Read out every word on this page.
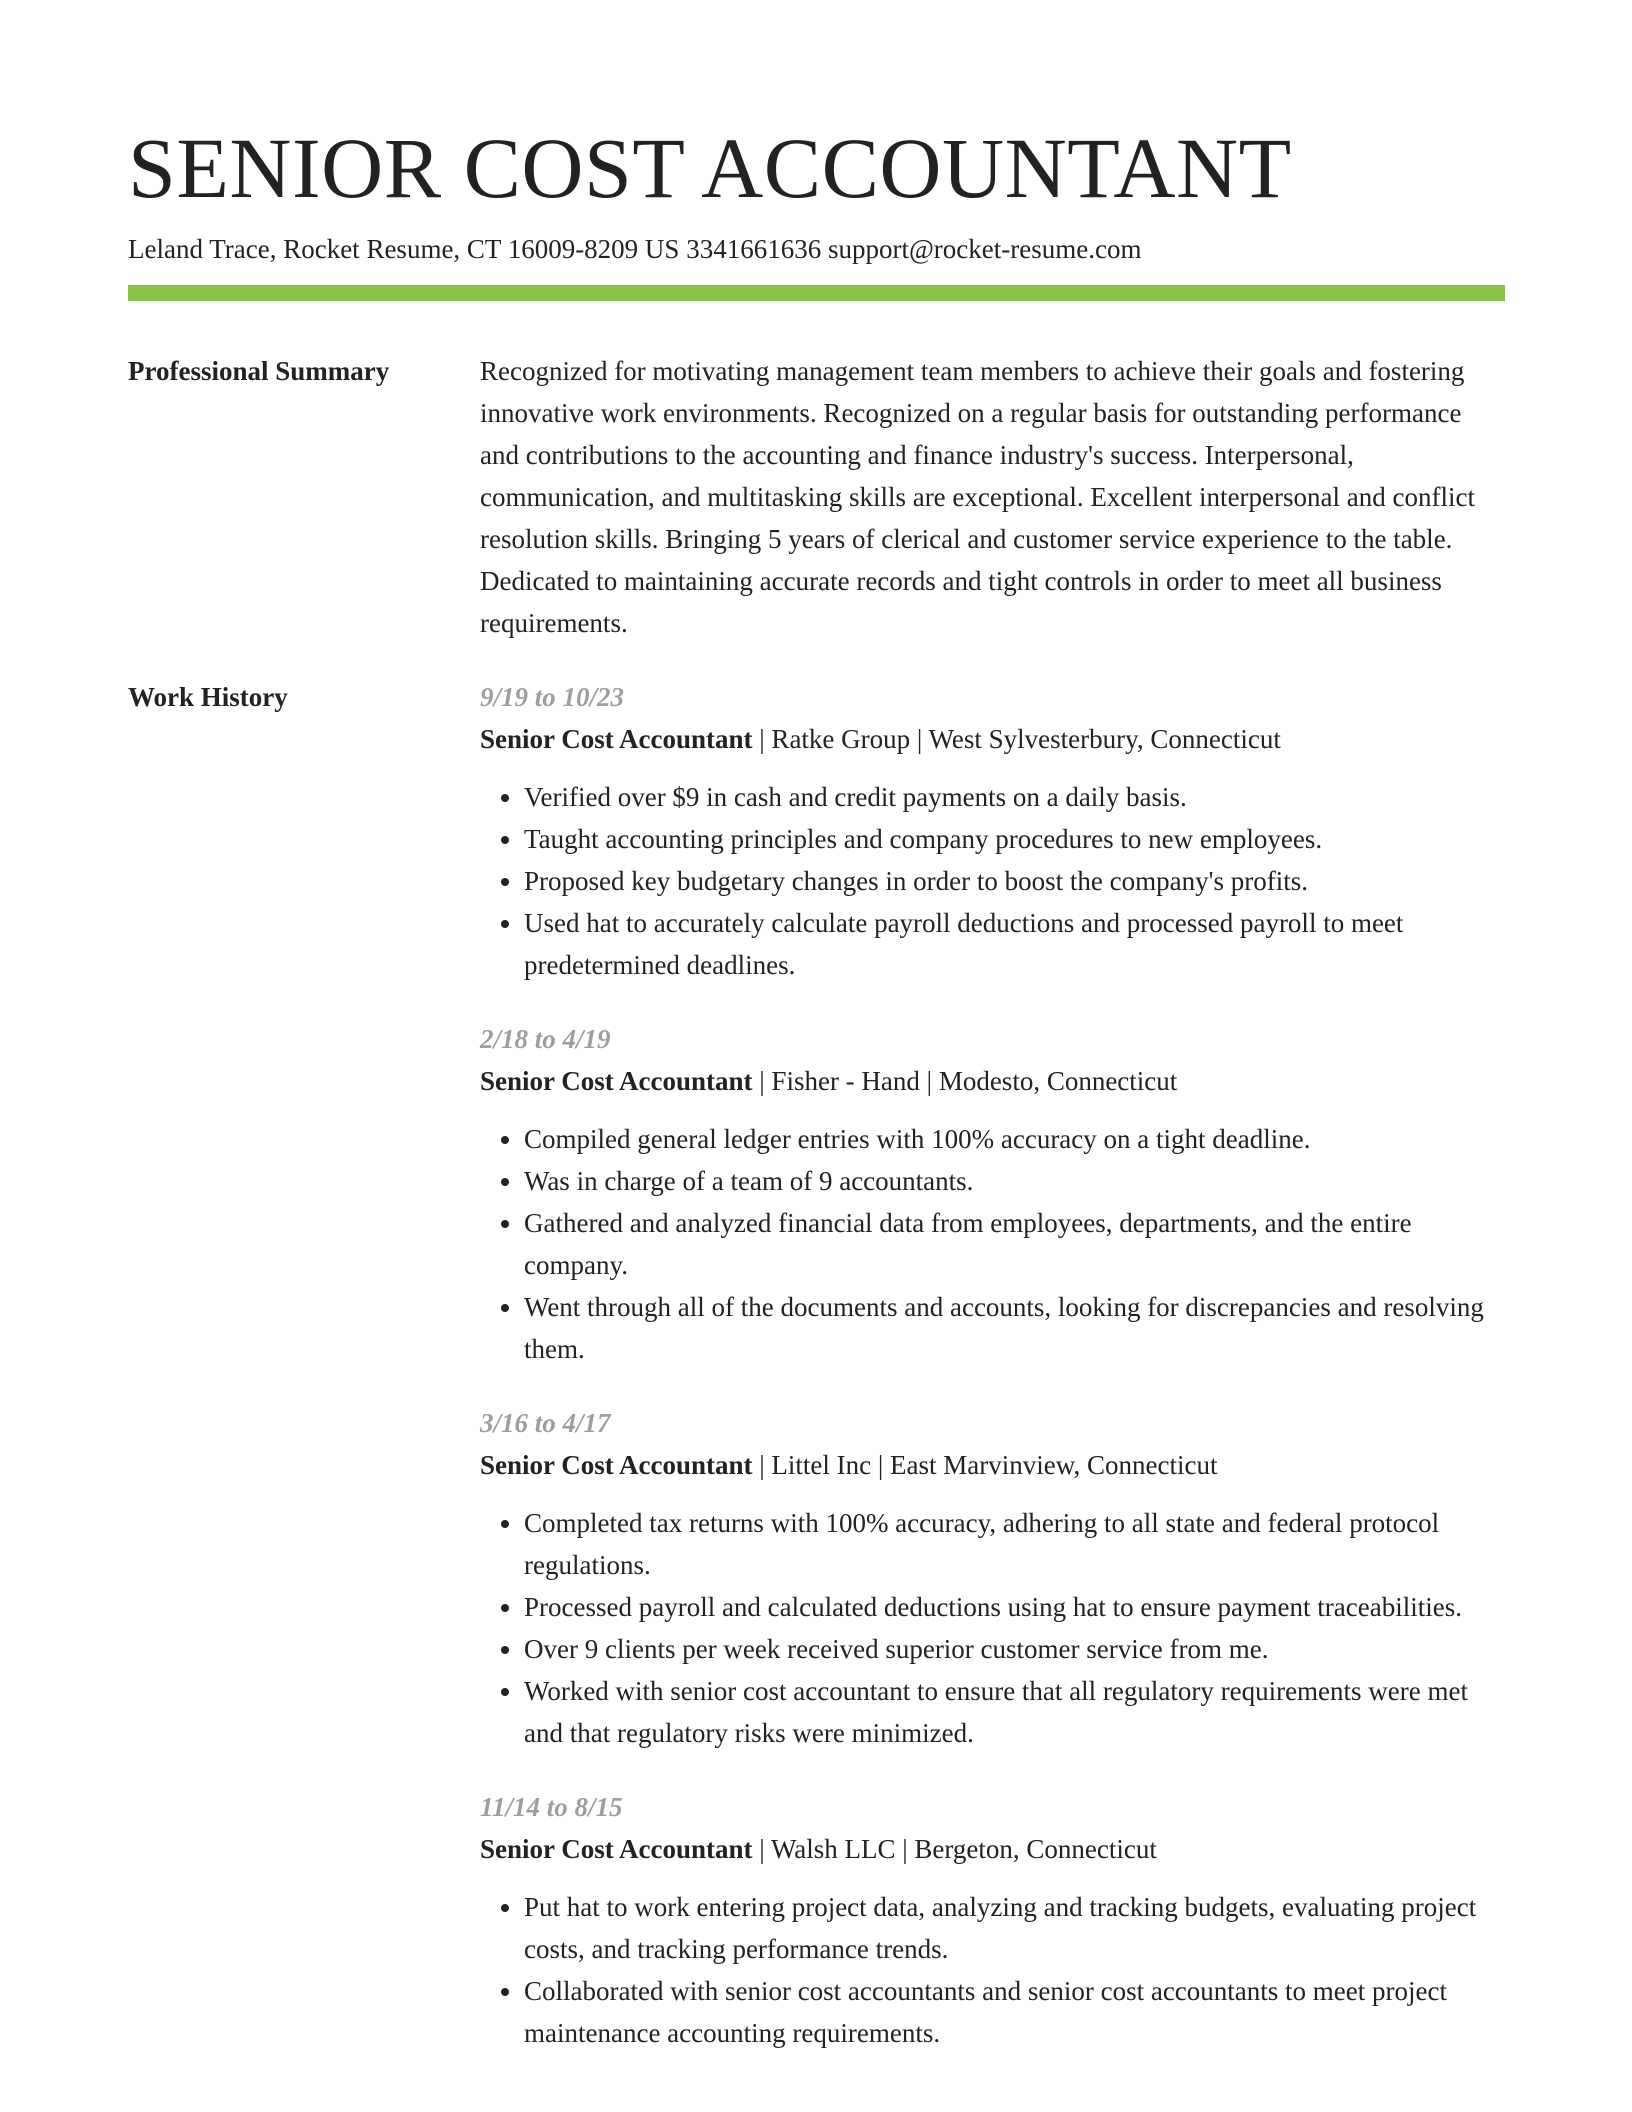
SENIOR COST ACCOUNTANT
Leland Trace, Rocket Resume, CT 16009-8209 US 3341661636 support@rocket-resume.com
Professional Summary	Recognized for motivating management team members to achieve their goals and fostering innovative work environments. Recognized on a regular basis for outstanding performance and contributions to the accounting and finance industry's success. Interpersonal, communication, and multitasking skills are exceptional. Excellent interpersonal and conflict resolution skills. Bringing 5 years of clerical and customer service experience to the table. Dedicated to maintaining accurate records and tight controls in order to meet all business requirements.

Work History	9/19 to 10/23
Senior Cost Accountant | Ratke Group | West Sylvesterbury, Connecticut
• Verified over $9 in cash and credit payments on a daily basis.
• Taught accounting principles and company procedures to new employees.
• Proposed key budgetary changes in order to boost the company's profits.
• Used hat to accurately calculate payroll deductions and processed payroll to meet predetermined deadlines.
2/18 to 4/19
Senior Cost Accountant | Fisher - Hand | Modesto, Connecticut
• Compiled general ledger entries with 100% accuracy on a tight deadline.
• Was in charge of a team of 9 accountants.
• Gathered and analyzed financial data from employees, departments, and the entire company.
• Went through all of the documents and accounts, looking for discrepancies and resolving them.
3/16 to 4/17
Senior Cost Accountant | Littel Inc | East Marvinview, Connecticut
• Completed tax returns with 100% accuracy, adhering to all state and federal protocol regulations.
• Processed payroll and calculated deductions using hat to ensure payment traceabilities.
• Over 9 clients per week received superior customer service from me.
• Worked with senior cost accountant to ensure that all regulatory requirements were met and that regulatory risks were minimized.
11/14 to 8/15
Senior Cost Accountant | Walsh LLC | Bergeton, Connecticut
• Put hat to work entering project data, analyzing and tracking budgets, evaluating project costs, and tracking performance trends.
• Collaborated with senior cost accountants and senior cost accountants to meet project maintenance accounting requirements.
